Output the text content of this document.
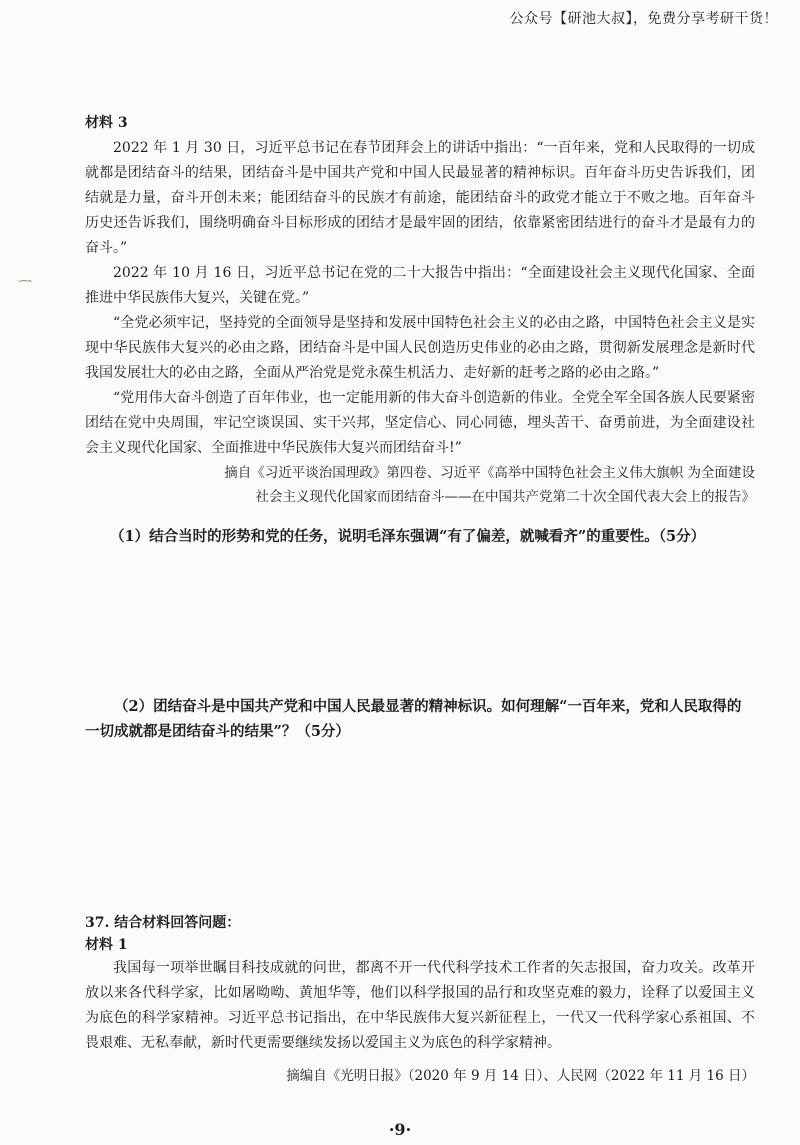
公众号【研池大叔】，免费分享考研干货！
‑‑⁓‑
材料 3

2022 年 1 月 30 日，习近平总书记在春节团拜会上的讲话中指出：“一百年来，党和人民取得的一切成就都是团结奋斗的结果，团结奋斗是中国共产党和中国人民最显著的精神标识。百年奋斗历史告诉我们，团结就是力量，奋斗开创未来；能团结奋斗的民族才有前途，能团结奋斗的政党才能立于不败之地。百年奋斗历史还告诉我们，围绕明确奋斗目标形成的团结才是最牢固的团结，依靠紧密团结进行的奋斗才是最有力的奋斗。”

2022 年 10 月 16 日，习近平总书记在党的二十大报告中指出：“全面建设社会主义现代化国家、全面推进中华民族伟大复兴，关键在党。”

“全党必须牢记，坚持党的全面领导是坚持和发展中国特色社会主义的必由之路，中国特色社会主义是实现中华民族伟大复兴的必由之路，团结奋斗是中国人民创造历史伟业的必由之路，贯彻新发展理念是新时代我国发展壮大的必由之路，全面从严治党是党永葆生机活力、走好新的赶考之路的必由之路。”

“党用伟大奋斗创造了百年伟业，也一定能用新的伟大奋斗创造新的伟业。全党全军全国各族人民要紧密团结在党中央周围，牢记空谈误国、实干兴邦，坚定信心、同心同德，埋头苦干、奋勇前进，为全面建设社会主义现代化国家、全面推进中华民族伟大复兴而团结奋斗!”

摘自《习近平谈治国理政》第四卷、习近平《高举中国特色社会主义伟大旗帜 为全面建设

社会主义现代化国家而团结奋斗——在中国共产党第二十次全国代表大会上的报告》

（1）结合当时的形势和党的任务，说明毛泽东强调“有了偏差，就喊看齐”的重要性。（5分）

（2）团结奋斗是中国共产党和中国人民最显著的精神标识。如何理解“一百年来，党和人民取得的一切成就都是团结奋斗的结果”？（5分）

37. 结合材料回答问题：
材料 1

我国每一项举世瞩目科技成就的问世，都离不开一代代科学技术工作者的矢志报国，奋力攻关。改革开放以来各代科学家，比如屠呦呦、黄旭华等，他们以科学报国的品行和攻坚克难的毅力，诠释了以爱国主义为底色的科学家精神。习近平总书记指出，在中华民族伟大复兴新征程上，一代又一代科学家心系祖国、不畏艰难、无私奉献，新时代更需要继续发扬以爱国主义为底色的科学家精神。

摘编自《光明日报》（2020 年 9 月 14 日）、人民网（2022 年 11 月 16 日）

·9·
